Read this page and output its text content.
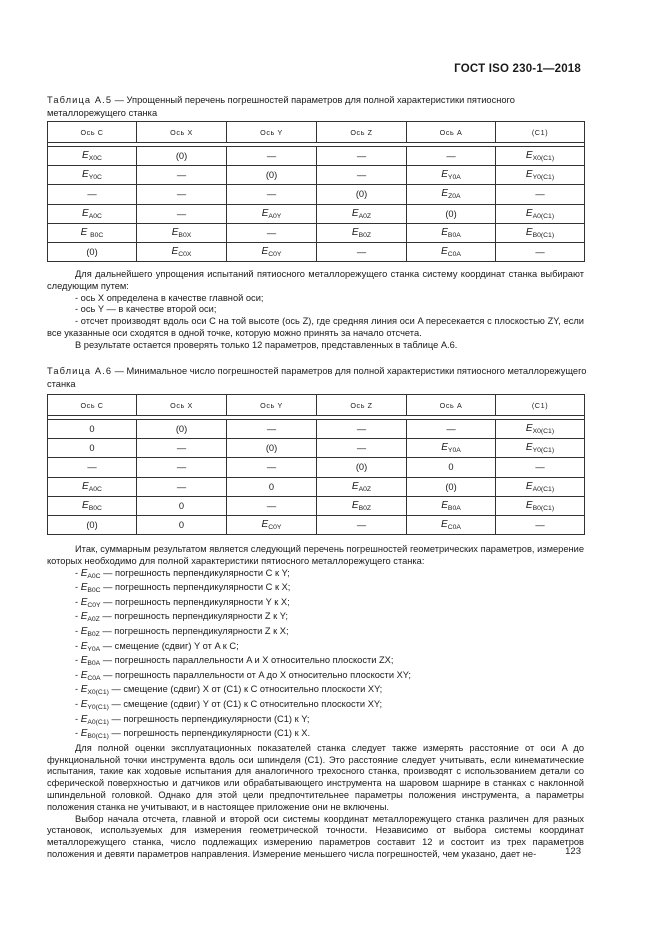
ГОСТ ISO 230-1—2018
Таблица А.5 — Упрощенный перечень погрешностей параметров для полной характеристики пятиосного металлорежущего станка
Ось C	Ось X	Ось Y	Ось Z	Ось A	(C1)

$E_{X0C}$	(0)	—	—	—	$E_{X0(C1)}$
$E_{Y0C}$	—	(0)	—	$E_{Y0A}$	$E_{Y0(C1)}$
—	—	—	(0)	$E_{Z0A}$	—
$E_{A0C}$	—	$E_{A0Y}$	$E_{A0Z}$	(0)	$E_{A0(C1)}$
E $_{B0C}$	$E_{B0X}$	—	$E_{B0Z}$	$E_{B0A}$	$E_{B0(C1)}$
(0)	$E_{C0X}$	$E_{C0Y}$	—	$E_{C0A}$	—

Для дальнейшего упрощения испытаний пятиосного металлорежущего станка систему координат станка выбирают следующим путем:

- ось X определена в качестве главной оси;

- ось Y — в качестве второй оси;

- отсчет производят вдоль оси C на той высоте (ось Z), где средняя линия оси A пересекается с плоскостью ZY, если все указанные оси сходятся в одной точке, которую можно принять за начало отсчета.

В результате остается проверять только 12 параметров, представленных в таблице А.6.

Таблица А.6 — Минимальное число погрешностей параметров для полной характеристики пятиосного металлорежущего станка
Ось C	Ось X	Ось Y	Ось Z	Ось A	(C1)

0	(0)	—	—	—	$E_{X0(C1)}$
0	—	(0)	—	$E_{Y0A}$	$E_{Y0(C1)}$
—	—	—	(0)	0	—
$E_{A0C}$	—	0	$E_{A0Z}$	(0)	$E_{A0(C1)}$
$E_{B0C}$	0	—	$E_{B0Z}$	$E_{B0A}$	$E_{B0(C1)}$
(0)	0	$E_{C0Y}$	—	$E_{C0A}$	—

Итак, суммарным результатом является следующий перечень погрешностей геометрических параметров, измерение которых необходимо для полной характеристики пятиосного металлорежущего станка:

- $E_{A0C}$ — погрешность перпендикулярности C к Y;
- $E_{B0C}$ — погрешность перпендикулярности C к X;
- $E_{C0Y}$ — погрешность перпендикулярности Y к X;
- $E_{A0Z}$ — погрешность перпендикулярности Z к Y;
- $E_{B0Z}$ — погрешность перпендикулярности Z к X;
- $E_{Y0A}$ — смещение (сдвиг) Y от A к C;
- $E_{B0A}$ — погрешность параллельности A и X относительно плоскости ZX;
- $E_{C0A}$ — погрешность параллельности от A до X относительно плоскости XY;
- $E_{X0(C1)}$ — смещение (сдвиг) X от (C1) к C относительно плоскости XY;
- $E_{Y0(C1)}$ — смещение (сдвиг) Y от (C1) к C относительно плоскости XY;
- $E_{A0(C1)}$ — погрешность перпендикулярности (C1) к Y;
- $E_{B0(C1)}$ — погрешность перпендикулярности (C1) к X.

Для полной оценки эксплуатационных показателей станка следует также измерять расстояние от оси A до функциональной точки инструмента вдоль оси шпинделя (C1). Это расстояние следует учитывать, если кинематические испытания, такие как ходовые испытания для аналогичного трехосного станка, производят с использованием детали со сферической поверхностью и датчиков или обрабатывающего инструмента на шаровом шарнире в станках с наклонной шпиндельной головкой. Однако для этой цели предпочтительнее параметры положения инструмента, а параметры положения станка не учитывают, и в настоящее приложение они не включены.

Выбор начала отсчета, главной и второй оси системы координат металлорежущего станка различен для разных установок, используемых для измерения геометрической точности. Независимо от выбора системы координат металлорежущего станка, число подлежащих измерению параметров составит 12 и состоит из трех параметров положения и девяти параметров направления. Измерение меньшего числа погрешностей, чем указано, дает не-	123
